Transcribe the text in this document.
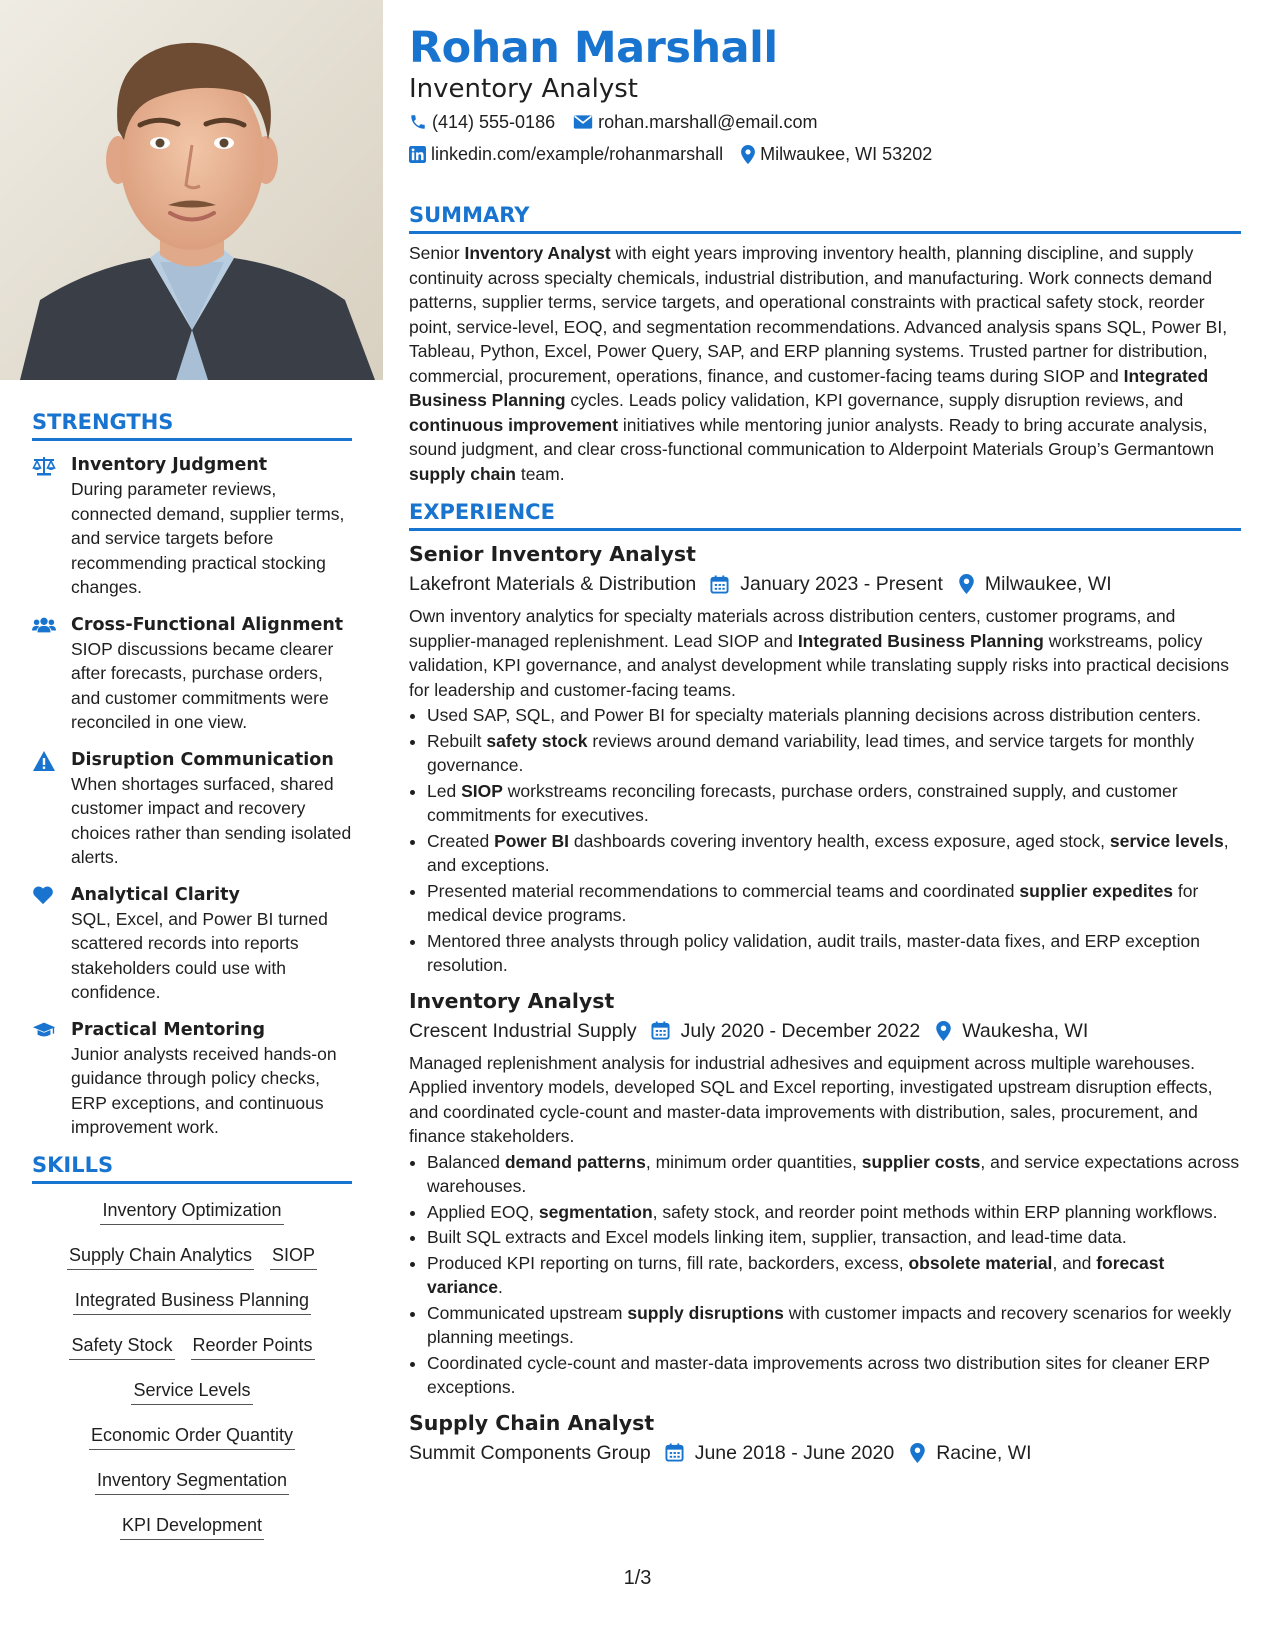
STRENGTHS
Inventory Judgment
During parameter reviews, connected demand, supplier terms, and service targets before recommending practical stocking changes.
Cross-Functional Alignment
SIOP discussions became clearer after forecasts, purchase orders, and customer commitments were reconciled in one view.
Disruption Communication
When shortages surfaced, shared customer impact and recovery choices rather than sending isolated alerts.
Analytical Clarity
SQL, Excel, and Power BI turned scattered records into reports stakeholders could use with confidence.
Practical Mentoring
Junior analysts received hands-on guidance through policy checks, ERP exceptions, and continuous improvement work.
SKILLS
Inventory Optimization
Supply Chain Analytics SIOP
Integrated Business Planning
Safety Stock Reorder Points
Service Levels
Economic Order Quantity
Inventory Segmentation
KPI Development
Rohan Marshall
Inventory Analyst
(414) 555-0186 rohan.marshall@email.com
linkedin.com/example/rohanmarshall Milwaukee, WI 53202
SUMMARY
Senior Inventory Analyst with eight years improving inventory health, planning discipline, and supply continuity across specialty chemicals, industrial distribution, and manufacturing. Work connects demand patterns, supplier terms, service targets, and operational constraints with practical safety stock, reorder point, service-level, EOQ, and segmentation recommendations. Advanced analysis spans SQL, Power BI, Tableau, Python, Excel, Power Query, SAP, and ERP planning systems. Trusted partner for distribution, commercial, procurement, operations, finance, and customer-facing teams during SIOP and Integrated Business Planning cycles. Leads policy validation, KPI governance, supply disruption reviews, and continuous improvement initiatives while mentoring junior analysts. Ready to bring accurate analysis, sound judgment, and clear cross-functional communication to Alderpoint Materials Group’s Germantown supply chain team.
EXPERIENCE
Senior Inventory Analyst
Lakefront Materials & Distribution January 2023 - Present Milwaukee, WI
Own inventory analytics for specialty materials across distribution centers, customer programs, and supplier-managed replenishment. Lead SIOP and Integrated Business Planning workstreams, policy validation, KPI governance, and analyst development while translating supply risks into practical decisions for leadership and customer-facing teams.
• Used SAP, SQL, and Power BI for specialty materials planning decisions across distribution centers.
• Rebuilt safety stock reviews around demand variability, lead times, and service targets for monthly governance.
• Led SIOP workstreams reconciling forecasts, purchase orders, constrained supply, and customer commitments for executives.
• Created Power BI dashboards covering inventory health, excess exposure, aged stock, service levels, and exceptions.
• Presented material recommendations to commercial teams and coordinated supplier expedites for medical device programs.
• Mentored three analysts through policy validation, audit trails, master-data fixes, and ERP exception resolution.
Inventory Analyst
Crescent Industrial Supply July 2020 - December 2022 Waukesha, WI
Managed replenishment analysis for industrial adhesives and equipment across multiple warehouses. Applied inventory models, developed SQL and Excel reporting, investigated upstream disruption effects, and coordinated cycle-count and master-data improvements with distribution, sales, procurement, and finance stakeholders.
• Balanced demand patterns, minimum order quantities, supplier costs, and service expectations across warehouses.
• Applied EOQ, segmentation, safety stock, and reorder point methods within ERP planning workflows.
• Built SQL extracts and Excel models linking item, supplier, transaction, and lead-time data.
• Produced KPI reporting on turns, fill rate, backorders, excess, obsolete material, and forecast variance.
• Communicated upstream supply disruptions with customer impacts and recovery scenarios for weekly planning meetings.
• Coordinated cycle-count and master-data improvements across two distribution sites for cleaner ERP exceptions.
Supply Chain Analyst
Summit Components Group June 2018 - June 2020 Racine, WI
1/3
